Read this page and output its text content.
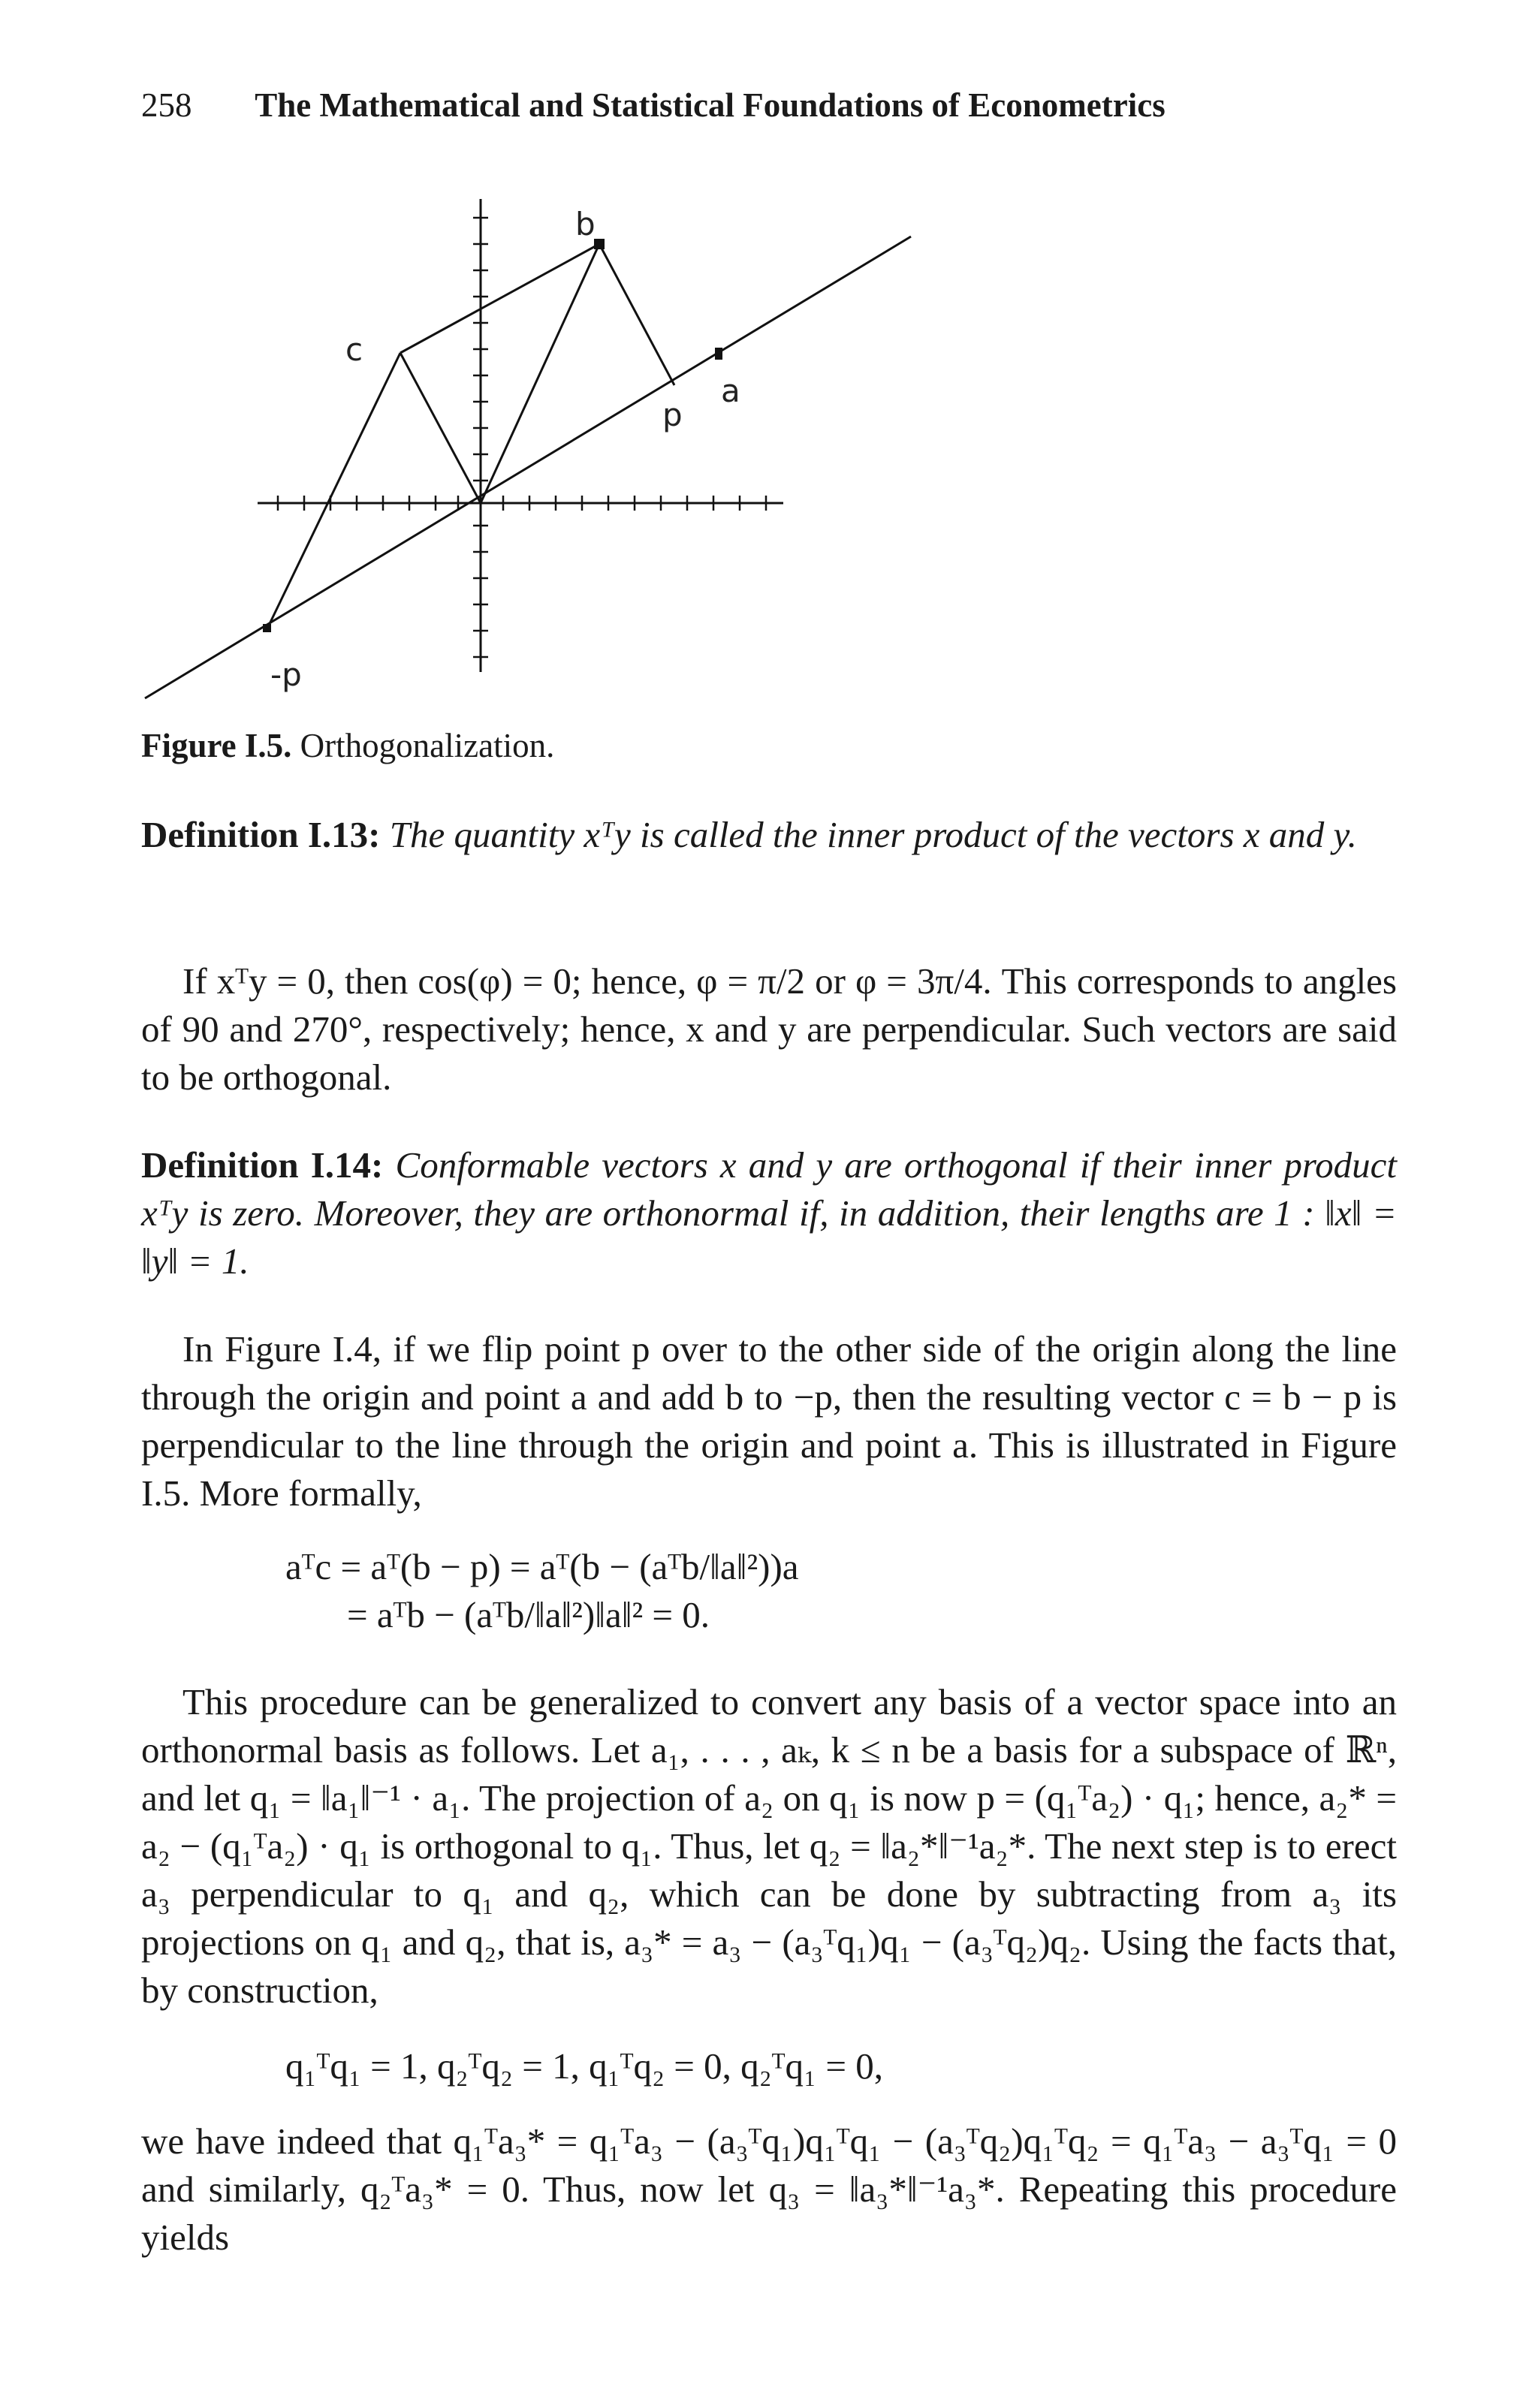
258 The Mathematical and Statistical Foundations of Econometrics
b
c
a
p
-p
Figure I.5. Orthogonalization.

Definition I.13: The quantity xᵀy is called the inner product of the vectors x and y.

If xᵀy = 0, then cos(φ) = 0; hence, φ = π/2 or φ = 3π/4. This corresponds to angles of 90 and 270°, respectively; hence, x and y are perpendicular. Such vectors are said to be orthogonal.

Definition I.14: Conformable vectors x and y are orthogonal if their inner product xᵀy is zero. Moreover, they are orthonormal if, in addition, their lengths are 1 : ‖x‖ = ‖y‖ = 1.

In Figure I.4, if we flip point p over to the other side of the origin along the line through the origin and point a and add b to −p, then the resulting vector c = b − p is perpendicular to the line through the origin and point a. This is illustrated in Figure I.5. More formally,

aᵀc = aᵀ(b − p) = aᵀ(b − (aᵀb/‖a‖²))a
= aᵀb − (aᵀb/‖a‖²)‖a‖² = 0.

This procedure can be generalized to convert any basis of a vector space into an orthonormal basis as follows. Let a₁, . . . , aₖ, k ≤ n be a basis for a subspace of ℝⁿ, and let q₁ = ‖a₁‖⁻¹ · a₁. The projection of a₂ on q₁ is now p = (q₁ᵀa₂) · q₁; hence, a₂* = a₂ − (q₁ᵀa₂) · q₁ is orthogonal to q₁. Thus, let q₂ = ‖a₂*‖⁻¹a₂*. The next step is to erect a₃ perpendicular to q₁ and q₂, which can be done by subtracting from a₃ its projections on q₁ and q₂, that is, a₃* = a₃ − (a₃ᵀq₁)q₁ − (a₃ᵀq₂)q₂. Using the facts that, by construction,

q₁ᵀq₁ = 1, q₂ᵀq₂ = 1, q₁ᵀq₂ = 0, q₂ᵀq₁ = 0,

we have indeed that q₁ᵀa₃* = q₁ᵀa₃ − (a₃ᵀq₁)q₁ᵀq₁ − (a₃ᵀq₂)q₁ᵀq₂ = q₁ᵀa₃ − a₃ᵀq₁ = 0 and similarly, q₂ᵀa₃* = 0. Thus, now let q₃ = ‖a₃*‖⁻¹a₃*. Repeating this procedure yields
